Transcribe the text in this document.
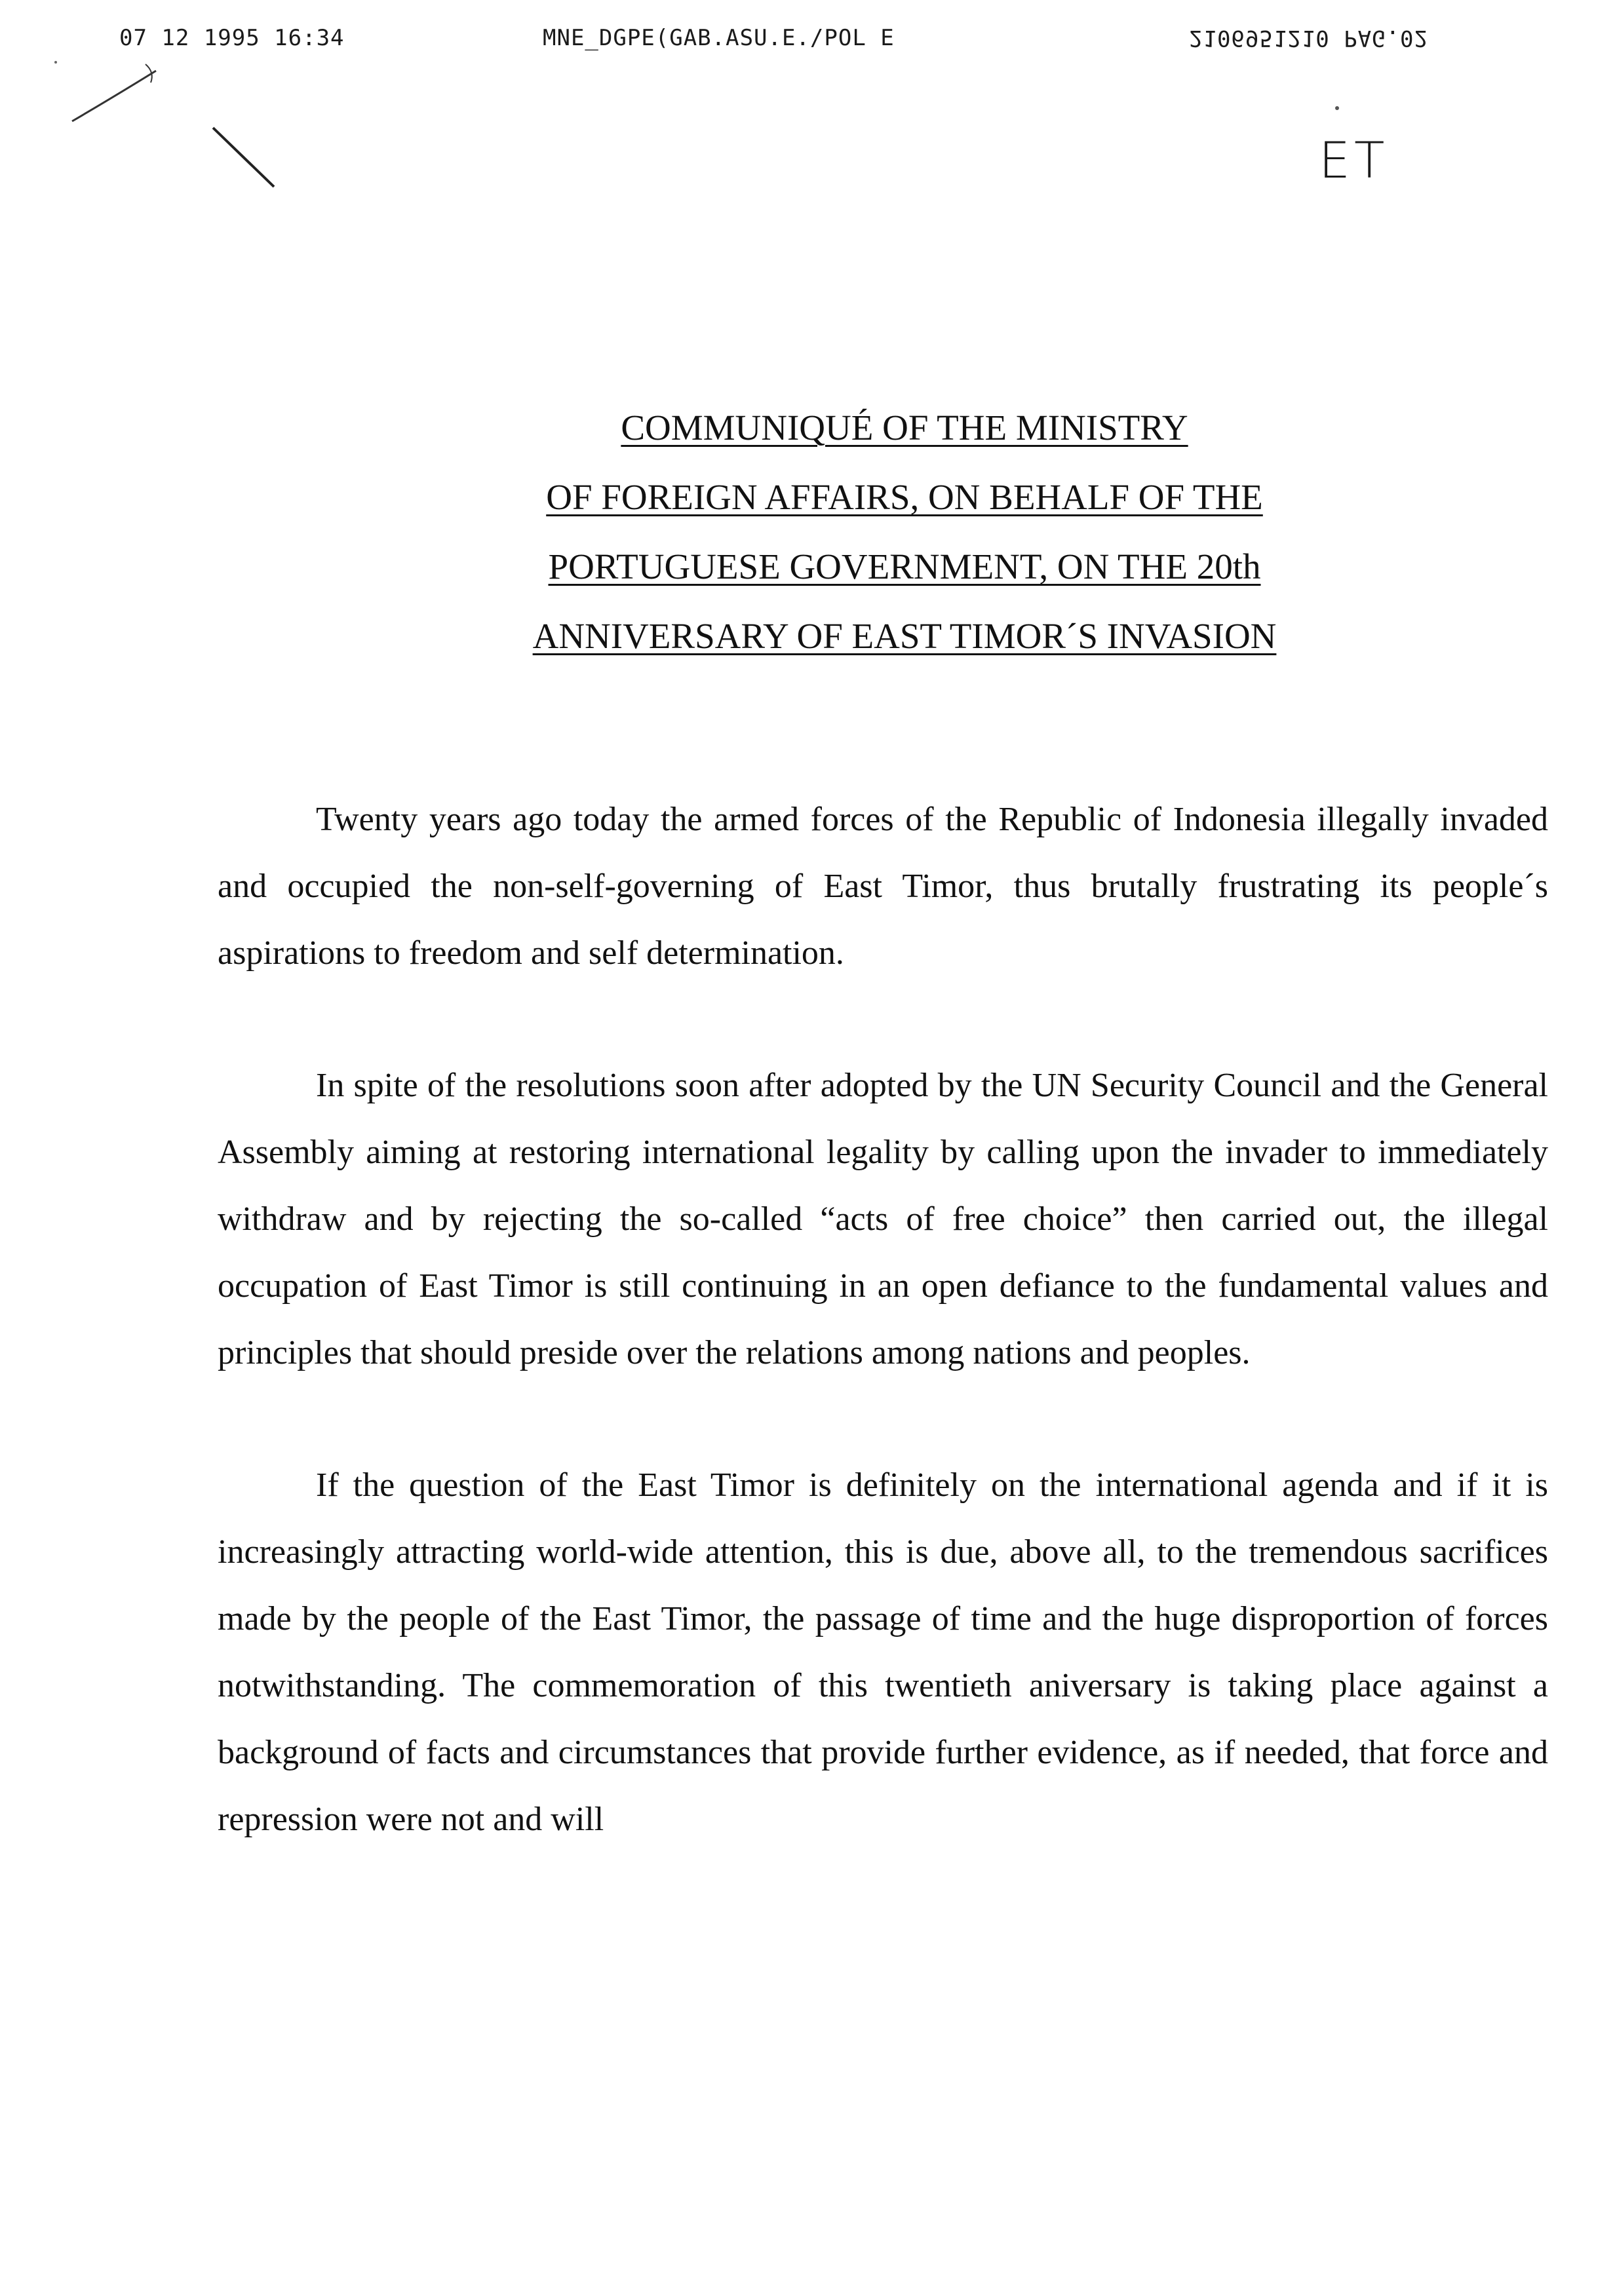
07 12 1995 16:34	MNE_DGPE(GAB.ASU.E./POL E	2106951210 PAG.02
ET
COMMUNIQUÉ OF THE MINISTRY
OF FOREIGN AFFAIRS, ON BEHALF OF THE
PORTUGUESE GOVERNMENT, ON THE 20th
ANNIVERSARY OF EAST TIMOR´S INVASION

Twenty years ago today the armed forces of the Republic of Indonesia illegally invaded and occupied the non-self-governing of East Timor, thus brutally frustrating its people´s aspirations to freedom and self determination.

In spite of the resolutions soon after adopted by the UN Security Council and the General Assembly aiming at restoring international legality by calling upon the invader to immediately withdraw and by rejecting the so-called “acts of free choice” then carried out, the illegal occupation of East Timor is still continuing in an open defiance to the fundamental values and principles that should preside over the relations among nations and peoples.

If the question of the East Timor is definitely on the international agenda and if it is increasingly attracting world-wide attention, this is due, above all, to the tremendous sacrifices made by the people of the East Timor, the passage of time and the huge disproportion of forces notwithstanding. The commemoration of this twentieth aniversary is taking place against a background of facts and circumstances that provide further evidence, as if needed, that force and repression were not and will
